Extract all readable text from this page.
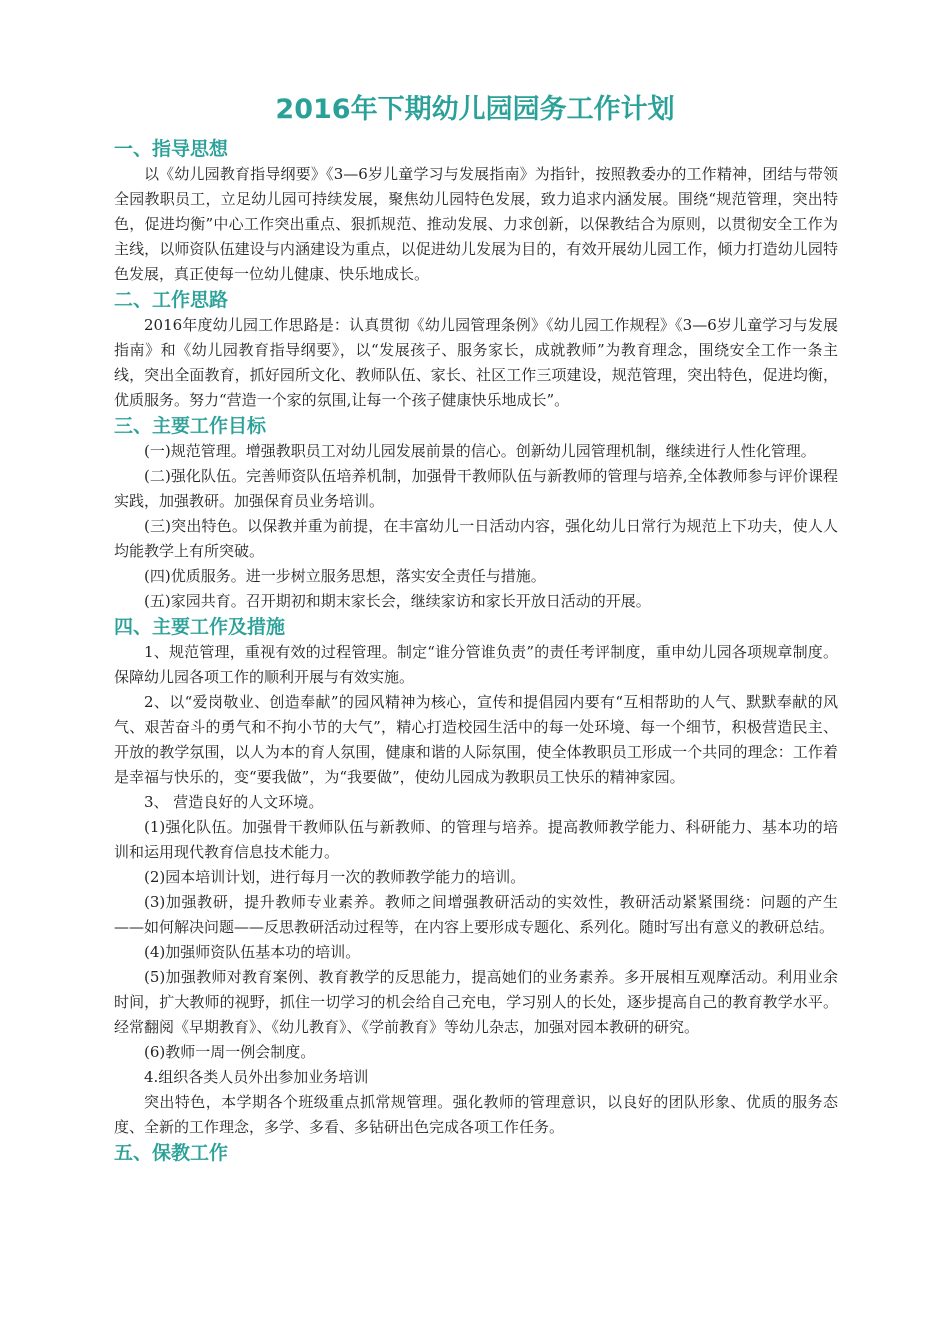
2016年下期幼儿园园务工作计划
一、指导思想

以《幼儿园教育指导纲要》《3—6岁儿童学习与发展指南》为指针，按照教委办的工作精神，团结与带领全园教职员工，立足幼儿园可持续发展，聚焦幼儿园特色发展，致力追求内涵发展。围绕“规范管理，突出特色，促进均衡”中心工作突出重点、狠抓规范、推动发展、力求创新，以保教结合为原则，以贯彻安全工作为主线，以师资队伍建设与内涵建设为重点，以促进幼儿发展为目的，有效开展幼儿园工作，倾力打造幼儿园特色发展，真正使每一位幼儿健康、快乐地成长。

二、工作思路

2016年度幼儿园工作思路是：认真贯彻《幼儿园管理条例》《幼儿园工作规程》《3—6岁儿童学习与发展指南》和《幼儿园教育指导纲要》，以“发展孩子、服务家长，成就教师”为教育理念，围绕安全工作一条主线，突出全面教育，抓好园所文化、教师队伍、家长、社区工作三项建设，规范管理，突出特色，促进均衡，优质服务。努力“营造一个家的氛围,让每一个孩子健康快乐地成长”。

三、主要工作目标

(一)规范管理。增强教职员工对幼儿园发展前景的信心。创新幼儿园管理机制，继续进行人性化管理。

(二)强化队伍。完善师资队伍培养机制，加强骨干教师队伍与新教师的管理与培养,全体教师参与评价课程实践，加强教研。加强保育员业务培训。

(三)突出特色。以保教并重为前提，在丰富幼儿一日活动内容，强化幼儿日常行为规范上下功夫，使人人均能教学上有所突破。

(四)优质服务。进一步树立服务思想，落实安全责任与措施。

(五)家园共育。召开期初和期末家长会，继续家访和家长开放日活动的开展。

四、主要工作及措施

1、规范管理，重视有效的过程管理。制定“谁分管谁负责”的责任考评制度，重申幼儿园各项规章制度。保障幼儿园各项工作的顺利开展与有效实施。

2、以“爱岗敬业、创造奉献”的园风精神为核心，宣传和提倡园内要有“互相帮助的人气、默默奉献的风气、艰苦奋斗的勇气和不拘小节的大气”，精心打造校园生活中的每一处环境、每一个细节，积极营造民主、开放的教学氛围，以人为本的育人氛围，健康和谐的人际氛围，使全体教职员工形成一个共同的理念：工作着是幸福与快乐的，变“要我做”，为“我要做”，使幼儿园成为教职员工快乐的精神家园。

3、 营造良好的人文环境。

(1)强化队伍。加强骨干教师队伍与新教师、的管理与培养。提高教师教学能力、科研能力、基本功的培训和运用现代教育信息技术能力。

(2)园本培训计划，进行每月一次的教师教学能力的培训。

(3)加强教研，提升教师专业素养。教师之间增强教研活动的实效性，教研活动紧紧围绕：问题的产生——如何解决问题——反思教研活动过程等，在内容上要形成专题化、系列化。随时写出有意义的教研总结。

(4)加强师资队伍基本功的培训。

(5)加强教师对教育案例、教育教学的反思能力，提高她们的业务素养。多开展相互观摩活动。利用业余时间，扩大教师的视野，抓住一切学习的机会给自己充电，学习别人的长处，逐步提高自己的教育教学水平。经常翻阅《早期教育》、《幼儿教育》、《学前教育》等幼儿杂志，加强对园本教研的研究。

(6)教师一周一例会制度。

4.组织各类人员外出参加业务培训

突出特色，本学期各个班级重点抓常规管理。强化教师的管理意识，以良好的团队形象、优质的服务态度、全新的工作理念，多学、多看、多钻研出色完成各项工作任务。

五、保教工作
